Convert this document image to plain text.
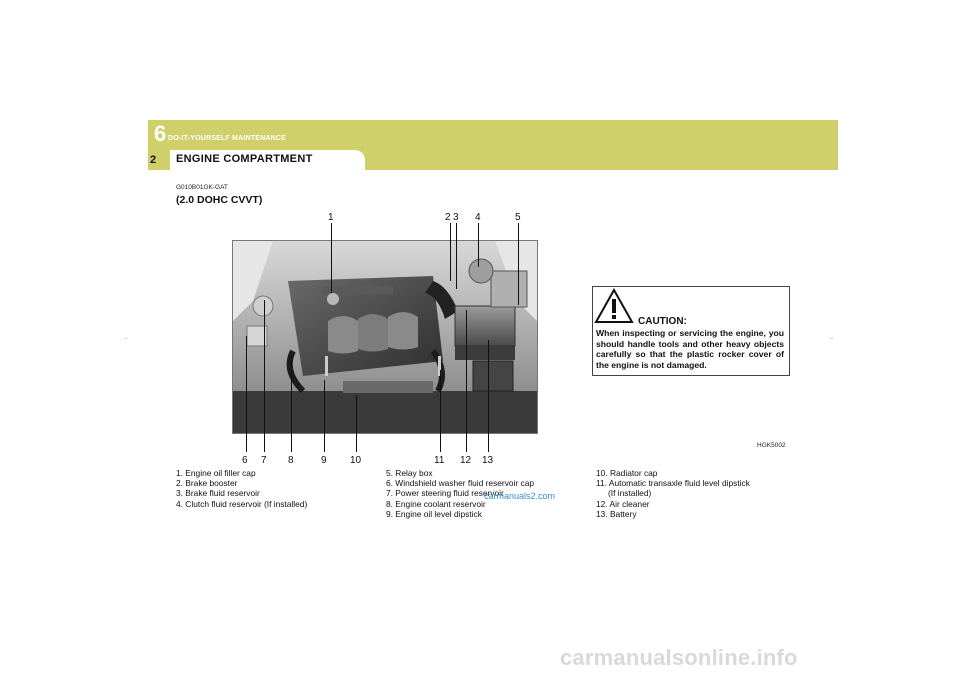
6 DO-IT-YOURSELF MAINTENANCE
2 ENGINE COMPARTMENT
–	–
G010B01GK-GAT
(2.0 DOHC CVVT)
1	2 3 4	5
6 7 8	9 10	11 12 13
CAUTION:
When inspecting or servicing the engine, you should handle tools and other heavy objects carefully so that the plastic rocker cover of the engine is not damaged.
HGK5002
1. Engine oil filler cap
2. Brake booster
3. Brake fluid reservoir
4. Clutch fluid reservoir (If installed)
5. Relay box
6. Windshield washer fluid reservoir cap
7. Power steering fluid reservoir
8. Engine coolant reservoir
9. Engine oil level dipstick
10. Radiator cap
11. Automatic transaxle fluid level dipstick
(If installed)
12. Air cleaner
13. Battery
carmanuals2.com
carmanualsonline.info
